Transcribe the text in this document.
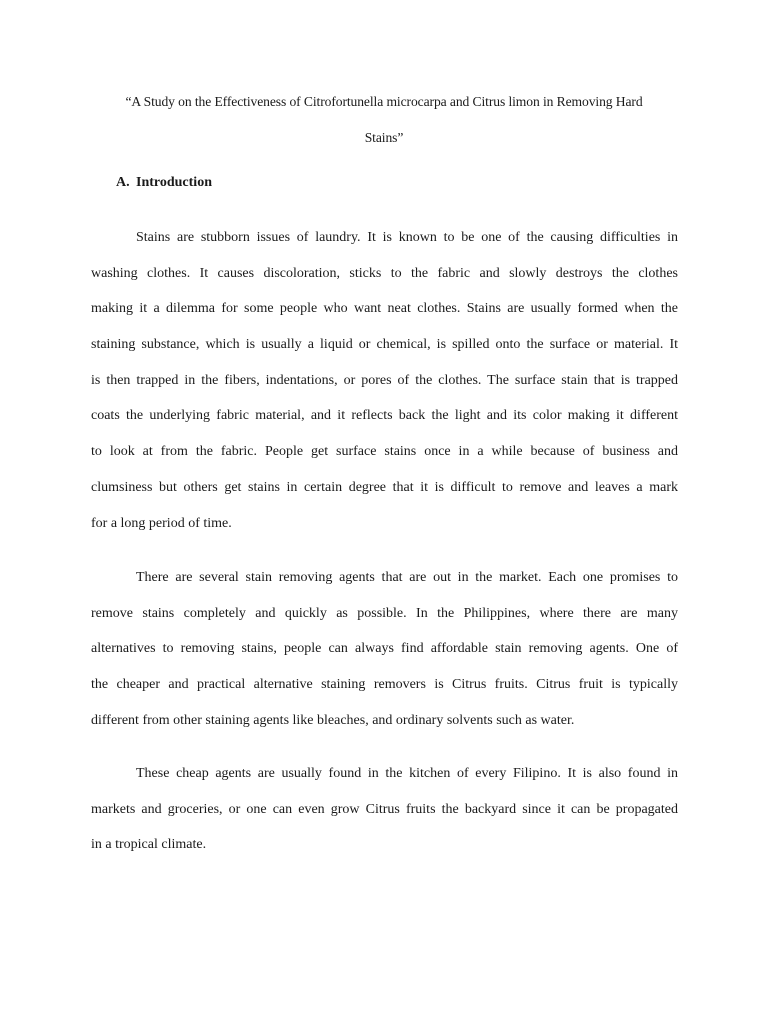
“A Study on the Effectiveness of Citrofortunella microcarpa and Citrus limon in Removing Hard
Stains”
A. Introduction
Stains are stubborn issues of laundry. It is known to be one of the causing difficulties in
washing clothes. It causes discoloration, sticks to the fabric and slowly destroys the clothes
making it a dilemma for some people who want neat clothes. Stains are usually formed when the
staining substance, which is usually a liquid or chemical, is spilled onto the surface or material. It
is then trapped in the fibers, indentations, or pores of the clothes. The surface stain that is trapped
coats the underlying fabric material, and it reflects back the light and its color making it different
to look at from the fabric. People get surface stains once in a while because of business and
clumsiness but others get stains in certain degree that it is difficult to remove and leaves a mark
for a long period of time.
There are several stain removing agents that are out in the market. Each one promises to
remove stains completely and quickly as possible. In the Philippines, where there are many
alternatives to removing stains, people can always find affordable stain removing agents. One of
the cheaper and practical alternative staining removers is Citrus fruits. Citrus fruit is typically
different from other staining agents like bleaches, and ordinary solvents such as water.
These cheap agents are usually found in the kitchen of every Filipino. It is also found in
markets and groceries, or one can even grow Citrus fruits the backyard since it can be propagated
in a tropical climate.
